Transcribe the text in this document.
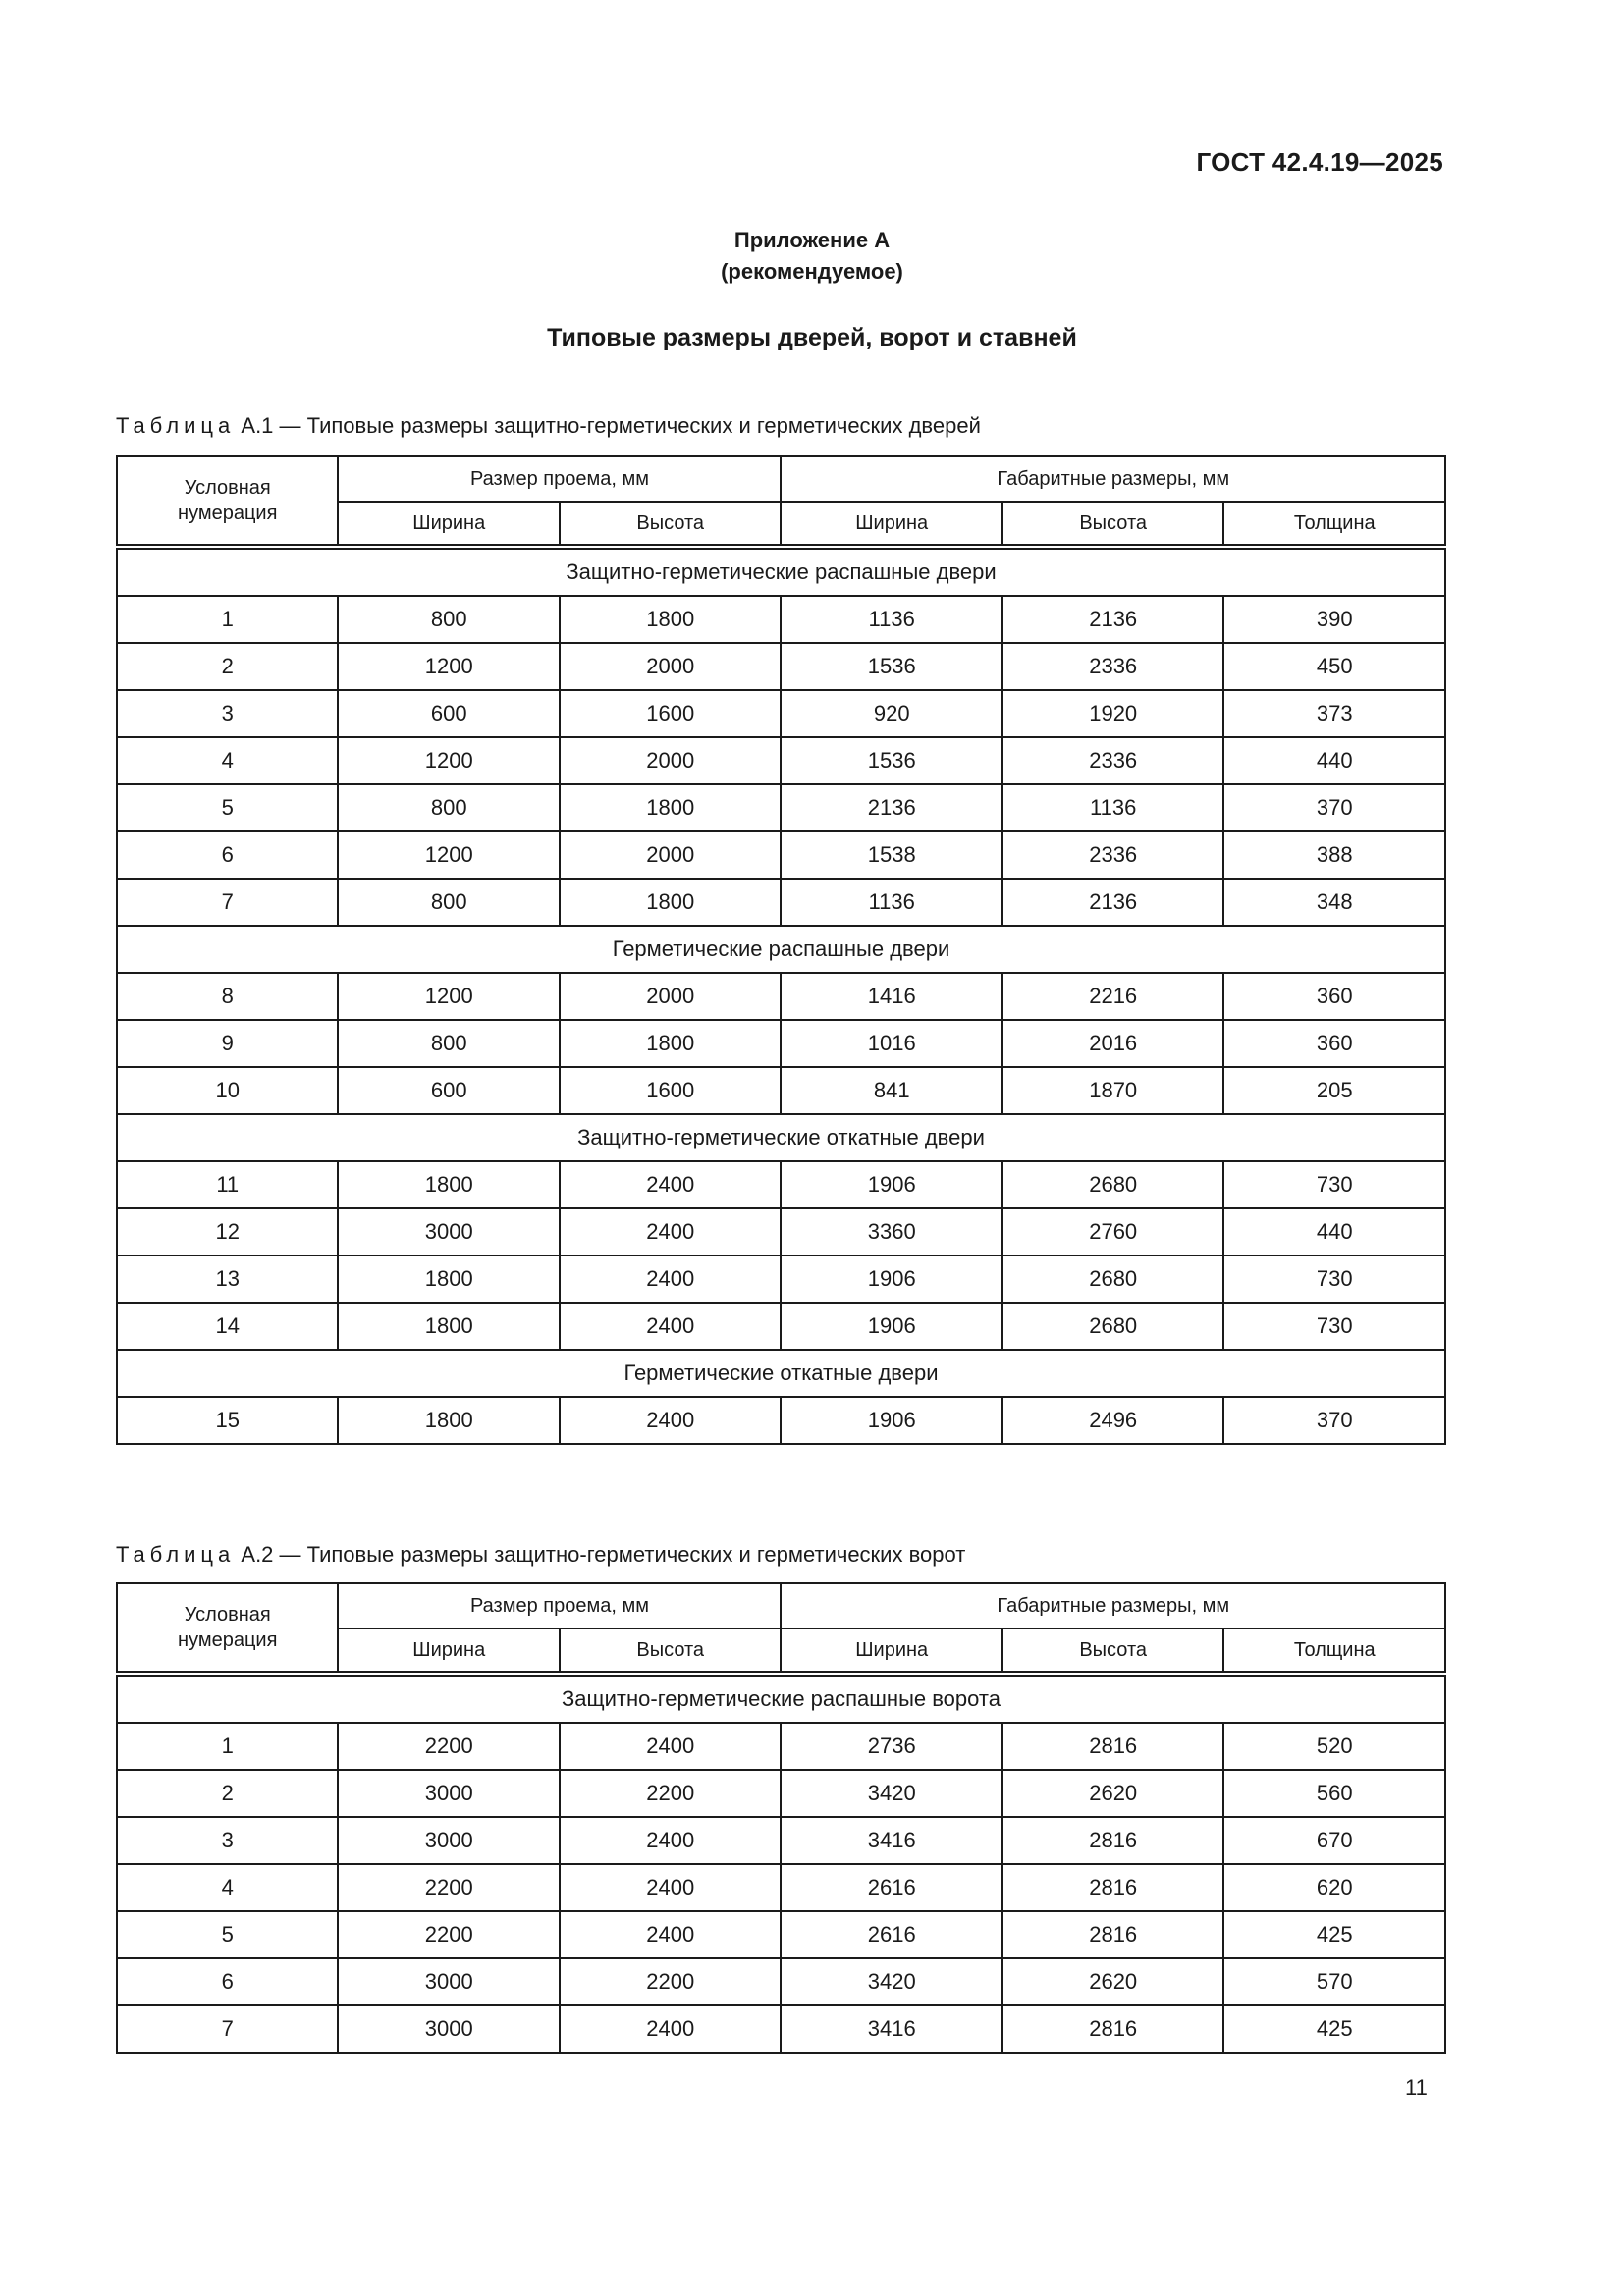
ГОСТ 42.4.19—2025
Приложение А
(рекомендуемое)
Типовые размеры дверей, ворот и ставней
Таблица А.1 — Типовые размеры защитно-герметических и герметических дверей
Условная
нумерация	Размер проема, мм		Габаритные размеры, мм		
	Ширина	Высота	Ширина	Высота	Толщина
Защитно-герметические распашные двери					
1	800	1800	1136	2136	390
2	1200	2000	1536	2336	450
3	600	1600	920	1920	373
4	1200	2000	1536	2336	440
5	800	1800	2136	1136	370
6	1200	2000	1538	2336	388
7	800	1800	1136	2136	348
Герметические распашные двери					
8	1200	2000	1416	2216	360
9	800	1800	1016	2016	360
10	600	1600	841	1870	205
Защитно-герметические откатные двери					
11	1800	2400	1906	2680	730
12	3000	2400	3360	2760	440
13	1800	2400	1906	2680	730
14	1800	2400	1906	2680	730
Герметические откатные двери					
15	1800	2400	1906	2496	370
Таблица А.2 — Типовые размеры защитно-герметических и герметических ворот
Условная
нумерация	Размер проема, мм		Габаритные размеры, мм		
	Ширина	Высота	Ширина	Высота	Толщина
Защитно-герметические распашные ворота					
1	2200	2400	2736	2816	520
2	3000	2200	3420	2620	560
3	3000	2400	3416	2816	670
4	2200	2400	2616	2816	620
5	2200	2400	2616	2816	425
6	3000	2200	3420	2620	570
7	3000	2400	3416	2816	425
11
